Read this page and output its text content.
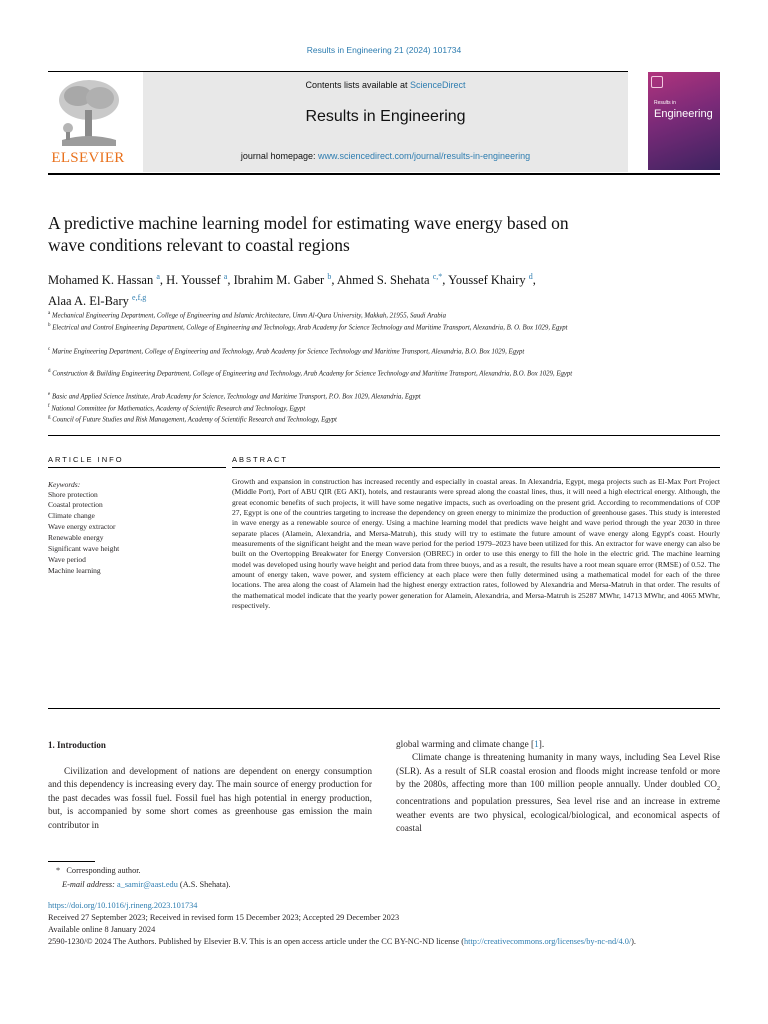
Results in Engineering 21 (2024) 101734
ELSEVIER
Contents lists available at ScienceDirect
Results in Engineering
journal homepage: www.sciencedirect.com/journal/results-in-engineering
Results in
Engineering
A predictive machine learning model for estimating wave energy based on
wave conditions relevant to coastal regions
Mohamed K. Hassan $^a$, H. Youssef $^a$, Ibrahim M. Gaber $^b$, Ahmed S. Shehata $^{c,*}$, Youssef Khairy $^d$,
Alaa A. El-Bary $^{e,f,g}$
$^a$ Mechanical Engineering Department, College of Engineering and Islamic Architecture, Umm Al-Qura University, Makkah, 21955, Saudi Arabia
$^b$ Electrical and Control Engineering Department, College of Engineering and Technology, Arab Academy for Science Technology and Maritime Transport, Alexandria, B. O. Box 1029, Egypt
$^c$ Marine Engineering Department, College of Engineering and Technology, Arab Academy for Science Technology and Maritime Transport, Alexandria, B.O. Box 1029, Egypt
$^d$ Construction & Building Engineering Department, College of Engineering and Technology, Arab Academy for Science Technology and Maritime Transport, Alexandria, B.O. Box 1029, Egypt
$^e$ Basic and Applied Science Institute, Arab Academy for Science, Technology and Maritime Transport, P.O. Box 1029, Alexandria, Egypt
$^f$ National Committee for Mathematics, Academy of Scientific Research and Technology, Egypt
$^g$ Council of Future Studies and Risk Management, Academy of Scientific Research and Technology, Egypt
ARTICLE INFO	ABSTRACT
Keywords:
Shore protection
Coastal protection
Climate change
Wave energy extractor
Renewable energy
Significant wave height
Wave period
Machine learning
Growth and expansion in construction has increased recently and especially in coastal areas. In Alexandria, Egypt, mega projects such as El-Max Port Project (Middle Port), Port of ABU QIR (EG AKI), hotels, and restaurants were spread along the coastal lines, thus, it will need a high electrical energy. Although, the great economic benefits of such projects, it will have some negative impacts, such as overloading on the present grid. According to recommendations of COP 27, Egypt is one of the countries targeting to increase the dependency on green energy to minimize the production of greenhouse gases. This study is interested in wave energy as a renewable source of energy. Using a machine learning model that predicts wave height and wave period through the year 2030 in three separate places (Alamein, Alexandria, and Mersa-Matruh), this study will try to estimate the future amount of wave energy along Egypt's coast. Hourly measurements of the significant height and the mean wave period for the period 1979–2023 have been utilized for this. An extractor for wave energy can also be built on the Overtopping Breakwater for Energy Conversion (OBREC) in order to use this energy to fill the hole in the electric grid. The machine learning model was developed using hourly wave height and period data from three buoys, and as a result, the results have a root mean square error (RMSE) of 0.52. The amount of energy taken, wave power, and system efficiency at each place were then fully determined using a mathematical model for each of the three locations. The area along the coast of Alamein had the highest energy extraction rates, followed by Alexandria and Mersa-Matruh in that order. The results of the mathematical model indicate that the yearly power generation for Alamein, Alexandria, and Mersa-Matruh is 25287 MWhr, 14713 MWhr, and 4065 MWhr, respectively.
1. Introduction
Civilization and development of nations are dependent on energy consumption and this dependency is increasing every day. The main source of energy production for the past decades was fossil fuel. Fossil fuel has high potential in energy production, but, is accompanied by some short comes as greenhouse gas emission the main contributor in

global warming and climate change [1].

Climate change is threatening humanity in many ways, including Sea Level Rise (SLR). As a result of SLR coastal erosion and floods might increase tenfold or more by the 2080s, affecting more than 100 million people annually. Under doubled $CO_2$ concentrations and population pressures, Sea level rise and an increase in extreme weather events are two physical, ecological/biological, and economical aspects of coastal

* Corresponding author.
E-mail address: a_samir@aast.edu (A.S. Shehata).
https://doi.org/10.1016/j.rineng.2023.101734
Received 27 September 2023; Received in revised form 15 December 2023; Accepted 29 December 2023
Available online 8 January 2024
2590-1230/© 2024 The Authors. Published by Elsevier B.V. This is an open access article under the CC BY-NC-ND license (http://creativecommons.org/licenses/by-nc-nd/4.0/).
